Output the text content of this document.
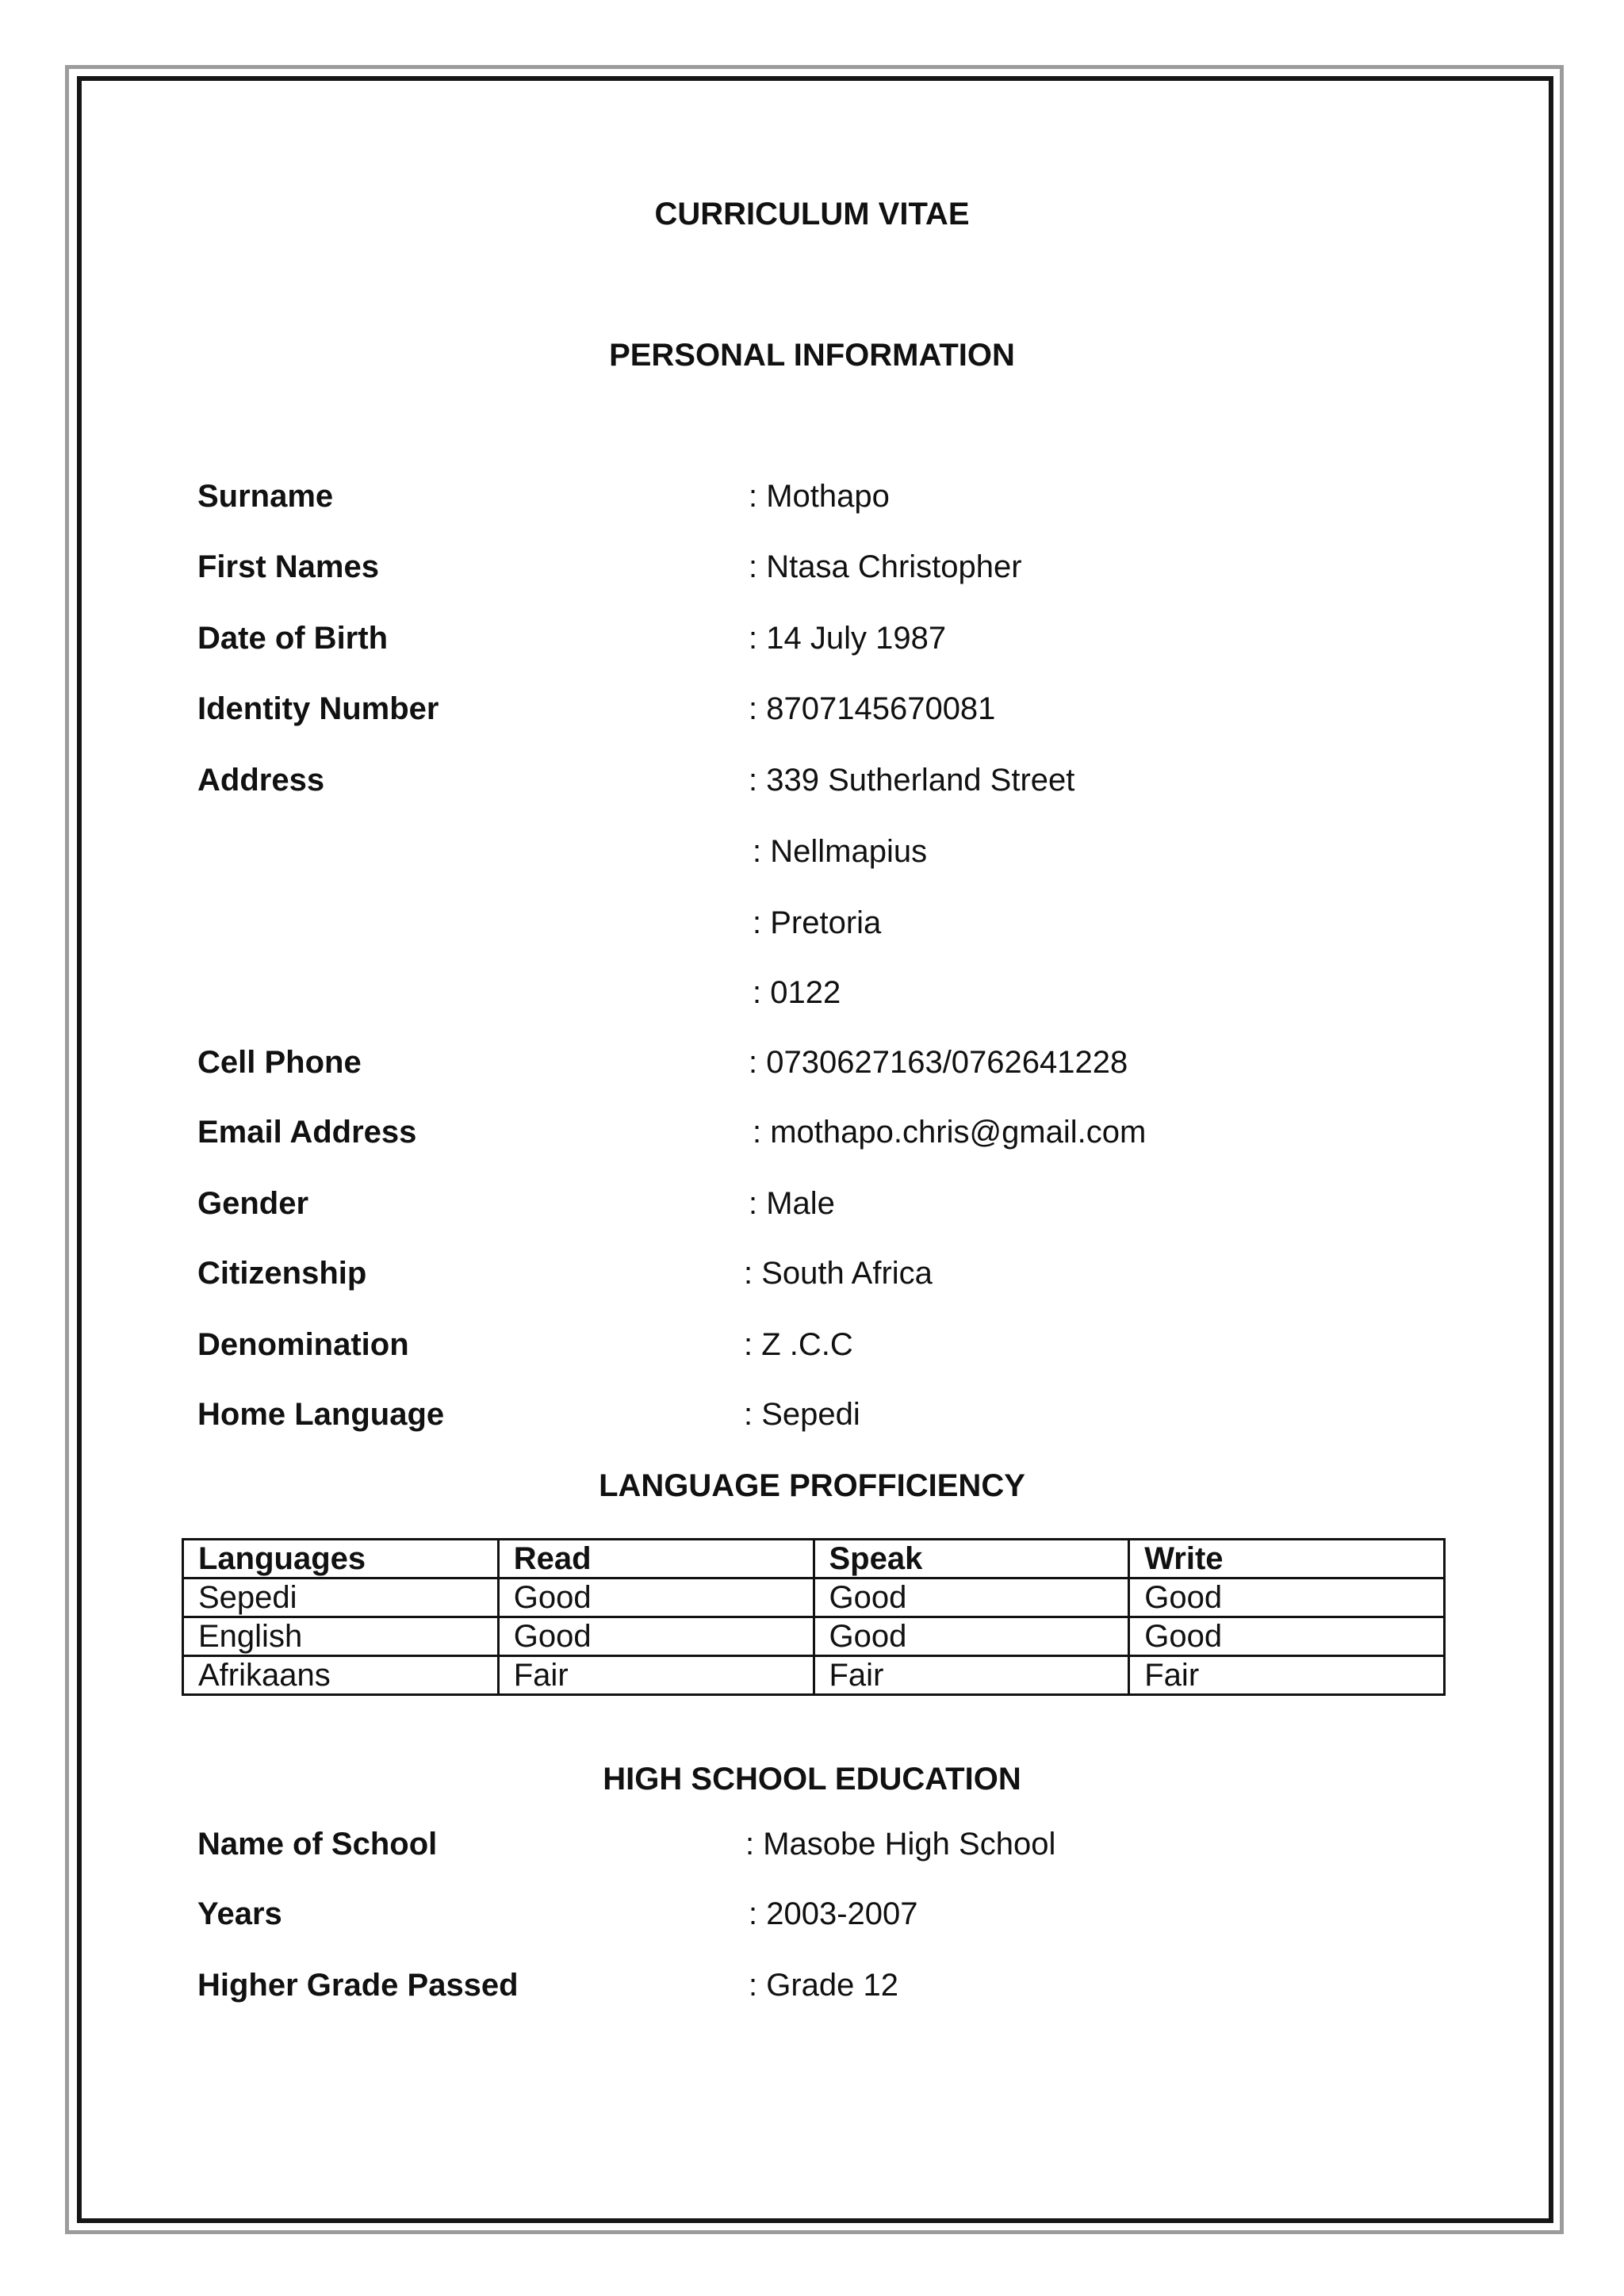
CURRICULUM VITAE
PERSONAL INFORMATION
Surname	: Mothapo
First Names	: Ntasa Christopher
Date of Birth	: 14 July 1987
Identity Number	: 8707145670081
Address	: 339 Sutherland Street
: Nellmapius
: Pretoria
: 0122
Cell Phone	: 0730627163/0762641228
Email Address	: mothapo.chris@gmail.com
Gender	: Male
Citizenship	: South Africa
Denomination	: Z .C.C
Home Language	: Sepedi
LANGUAGE PROFFICIENCY
Languages	Read	Speak	Write
Sepedi	Good	Good	Good
English	Good	Good	Good
Afrikaans	Fair	Fair	Fair
HIGH SCHOOL EDUCATION
Name of School	: Masobe High School
Years	: 2003-2007
Higher Grade Passed	: Grade 12
